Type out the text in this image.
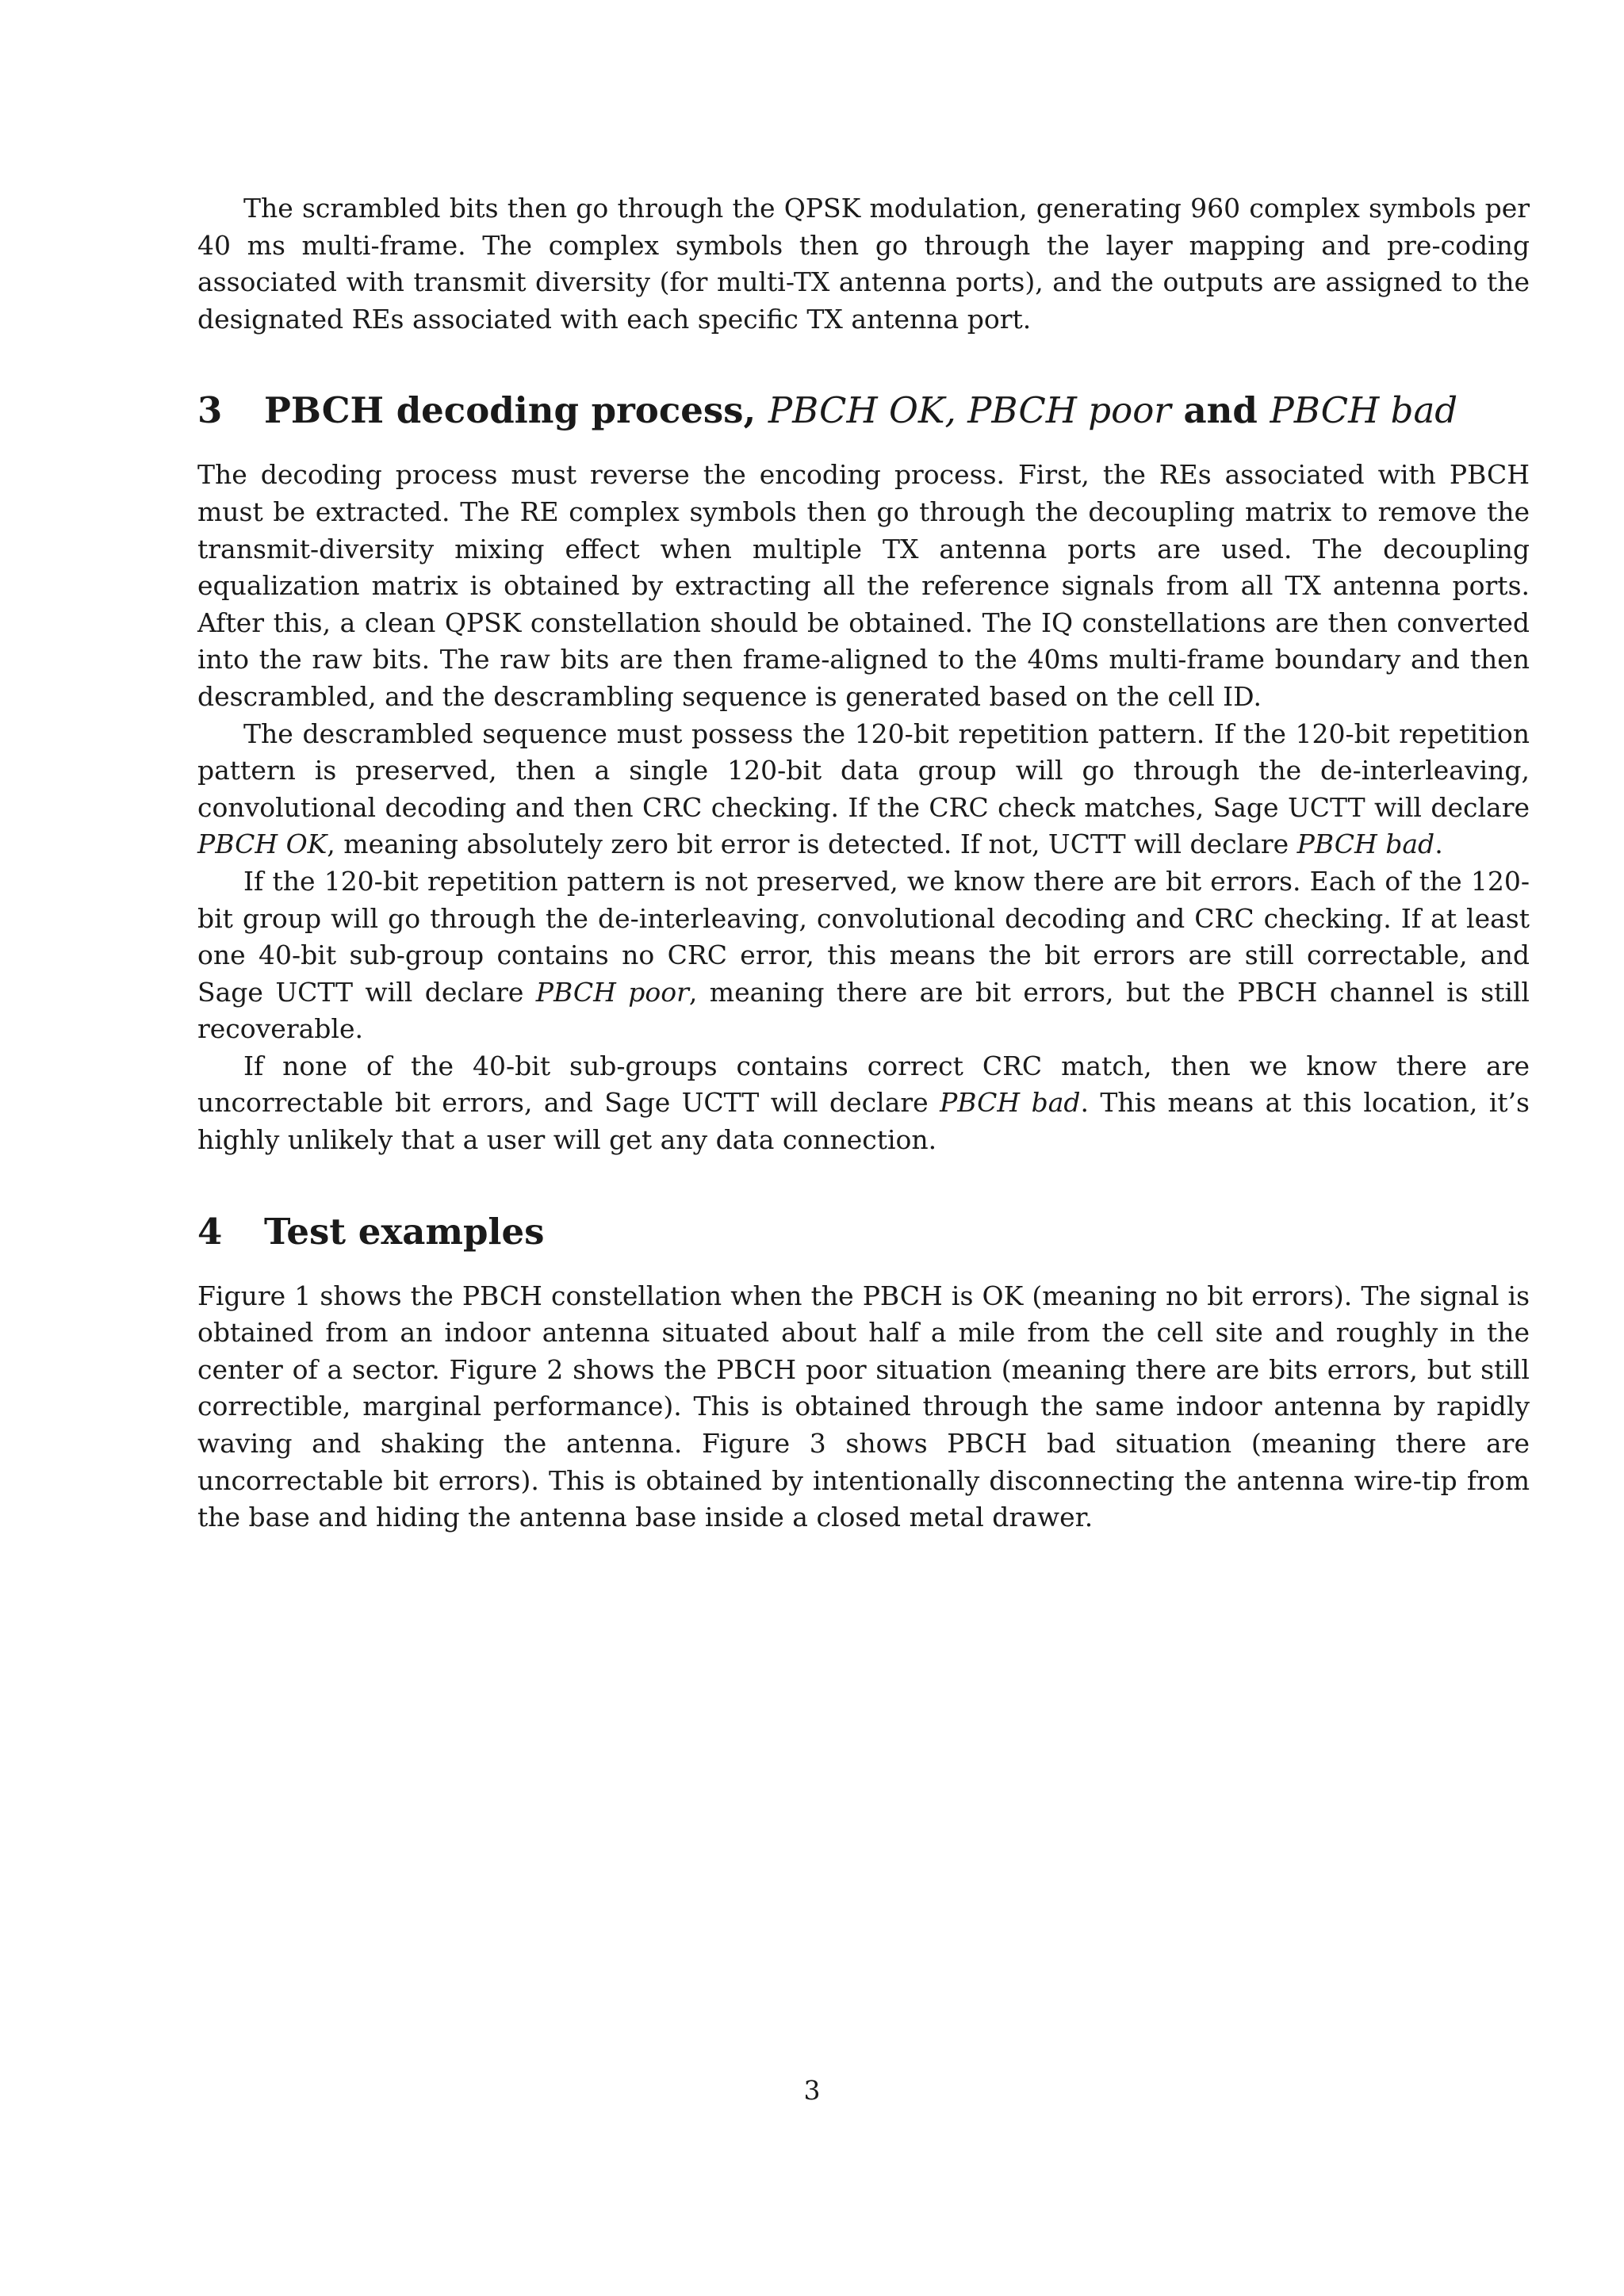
The scrambled bits then go through the QPSK modulation, generating 960 complex symbols per 40 ms multi-frame. The complex symbols then go through the layer mapping and pre-coding associated with transmit diversity (for multi-TX antenna ports), and the outputs are assigned to the designated REs associated with each specific TX antenna port.

3	PBCH decoding process, PBCH OK, PBCH poor and PBCH bad

The decoding process must reverse the encoding process. First, the REs associated with PBCH must be extracted. The RE complex symbols then go through the decoupling matrix to remove the transmit-diversity mixing effect when multiple TX antenna ports are used. The decoupling equalization matrix is obtained by extracting all the reference signals from all TX antenna ports. After this, a clean QPSK constellation should be obtained. The IQ constellations are then converted into the raw bits. The raw bits are then frame-aligned to the 40ms multi-frame boundary and then descrambled, and the descrambling sequence is generated based on the cell ID.

The descrambled sequence must possess the 120-bit repetition pattern. If the 120-bit repetition pattern is preserved, then a single 120-bit data group will go through the de-interleaving, convolutional decoding and then CRC checking. If the CRC check matches, Sage UCTT will declare PBCH OK, meaning absolutely zero bit error is detected. If not, UCTT will declare PBCH bad.

If the 120-bit repetition pattern is not preserved, we know there are bit errors. Each of the 120-bit group will go through the de-interleaving, convolutional decoding and CRC checking. If at least one 40-bit sub-group contains no CRC error, this means the bit errors are still correctable, and Sage UCTT will declare PBCH poor, meaning there are bit errors, but the PBCH channel is still recoverable.

If none of the 40-bit sub-groups contains correct CRC match, then we know there are uncorrectable bit errors, and Sage UCTT will declare PBCH bad. This means at this location, it’s highly unlikely that a user will get any data connection.

4	Test examples

Figure 1 shows the PBCH constellation when the PBCH is OK (meaning no bit errors). The signal is obtained from an indoor antenna situated about half a mile from the cell site and roughly in the center of a sector. Figure 2 shows the PBCH poor situation (meaning there are bits errors, but still correctible, marginal performance). This is obtained through the same indoor antenna by rapidly waving and shaking the antenna. Figure 3 shows PBCH bad situation (meaning there are uncorrectable bit errors). This is obtained by intentionally disconnecting the antenna wire-tip from the base and hiding the antenna base inside a closed metal drawer.

3
